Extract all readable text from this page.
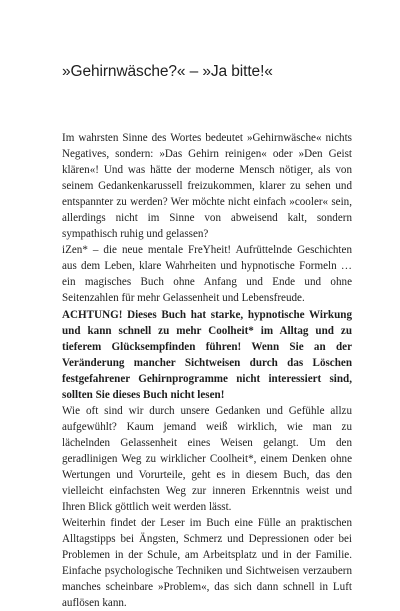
»Gehirnwäsche?« – »Ja bitte!«

Im wahrsten Sinne des Wortes bedeutet »Gehirnwäsche« nichts Negatives, sondern: »Das Gehirn reinigen« oder »Den Geist klären«! Und was hätte der moderne Mensch nötiger, als von seinem Gedankenkarussell freizukommen, klarer zu sehen und entspannter zu werden? Wer möchte nicht einfach »cooler« sein, allerdings nicht im Sinne von abweisend kalt, sondern sympathisch ruhig und gelassen?

iZen* – die neue mentale FreYheit! Aufrüttelnde Geschichten aus dem Leben, klare Wahrheiten und hypnotische Formeln … ein magisches Buch ohne Anfang und Ende und ohne Seitenzahlen für mehr Gelassenheit und Lebensfreude.

ACHTUNG! Dieses Buch hat starke, hypnotische Wirkung und kann schnell zu mehr Coolheit* im Alltag und zu tieferem Glücksempfinden führen! Wenn Sie an der Veränderung mancher Sichtweisen durch das Löschen festgefahrener Gehirnprogramme nicht interessiert sind, sollten Sie dieses Buch nicht lesen!

Wie oft sind wir durch unsere Gedanken und Gefühle allzu aufgewühlt? Kaum jemand weiß wirklich, wie man zu lächelnden Gelassenheit eines Weisen gelangt. Um den geradlinigen Weg zu wirklicher Coolheit*, einem Denken ohne Wertungen und Vorurteile, geht es in diesem Buch, das den vielleicht einfachsten Weg zur inneren Erkenntnis weist und Ihren Blick göttlich weit werden lässt.

Weiterhin findet der Leser im Buch eine Fülle an praktischen Alltagstipps bei Ängsten, Schmerz und Depressionen oder bei Problemen in der Schule, am Arbeitsplatz und in der Familie. Einfache psychologische Techniken und Sichtweisen verzaubern manches scheinbare »Problem«, das sich dann schnell in Luft auflösen kann.
